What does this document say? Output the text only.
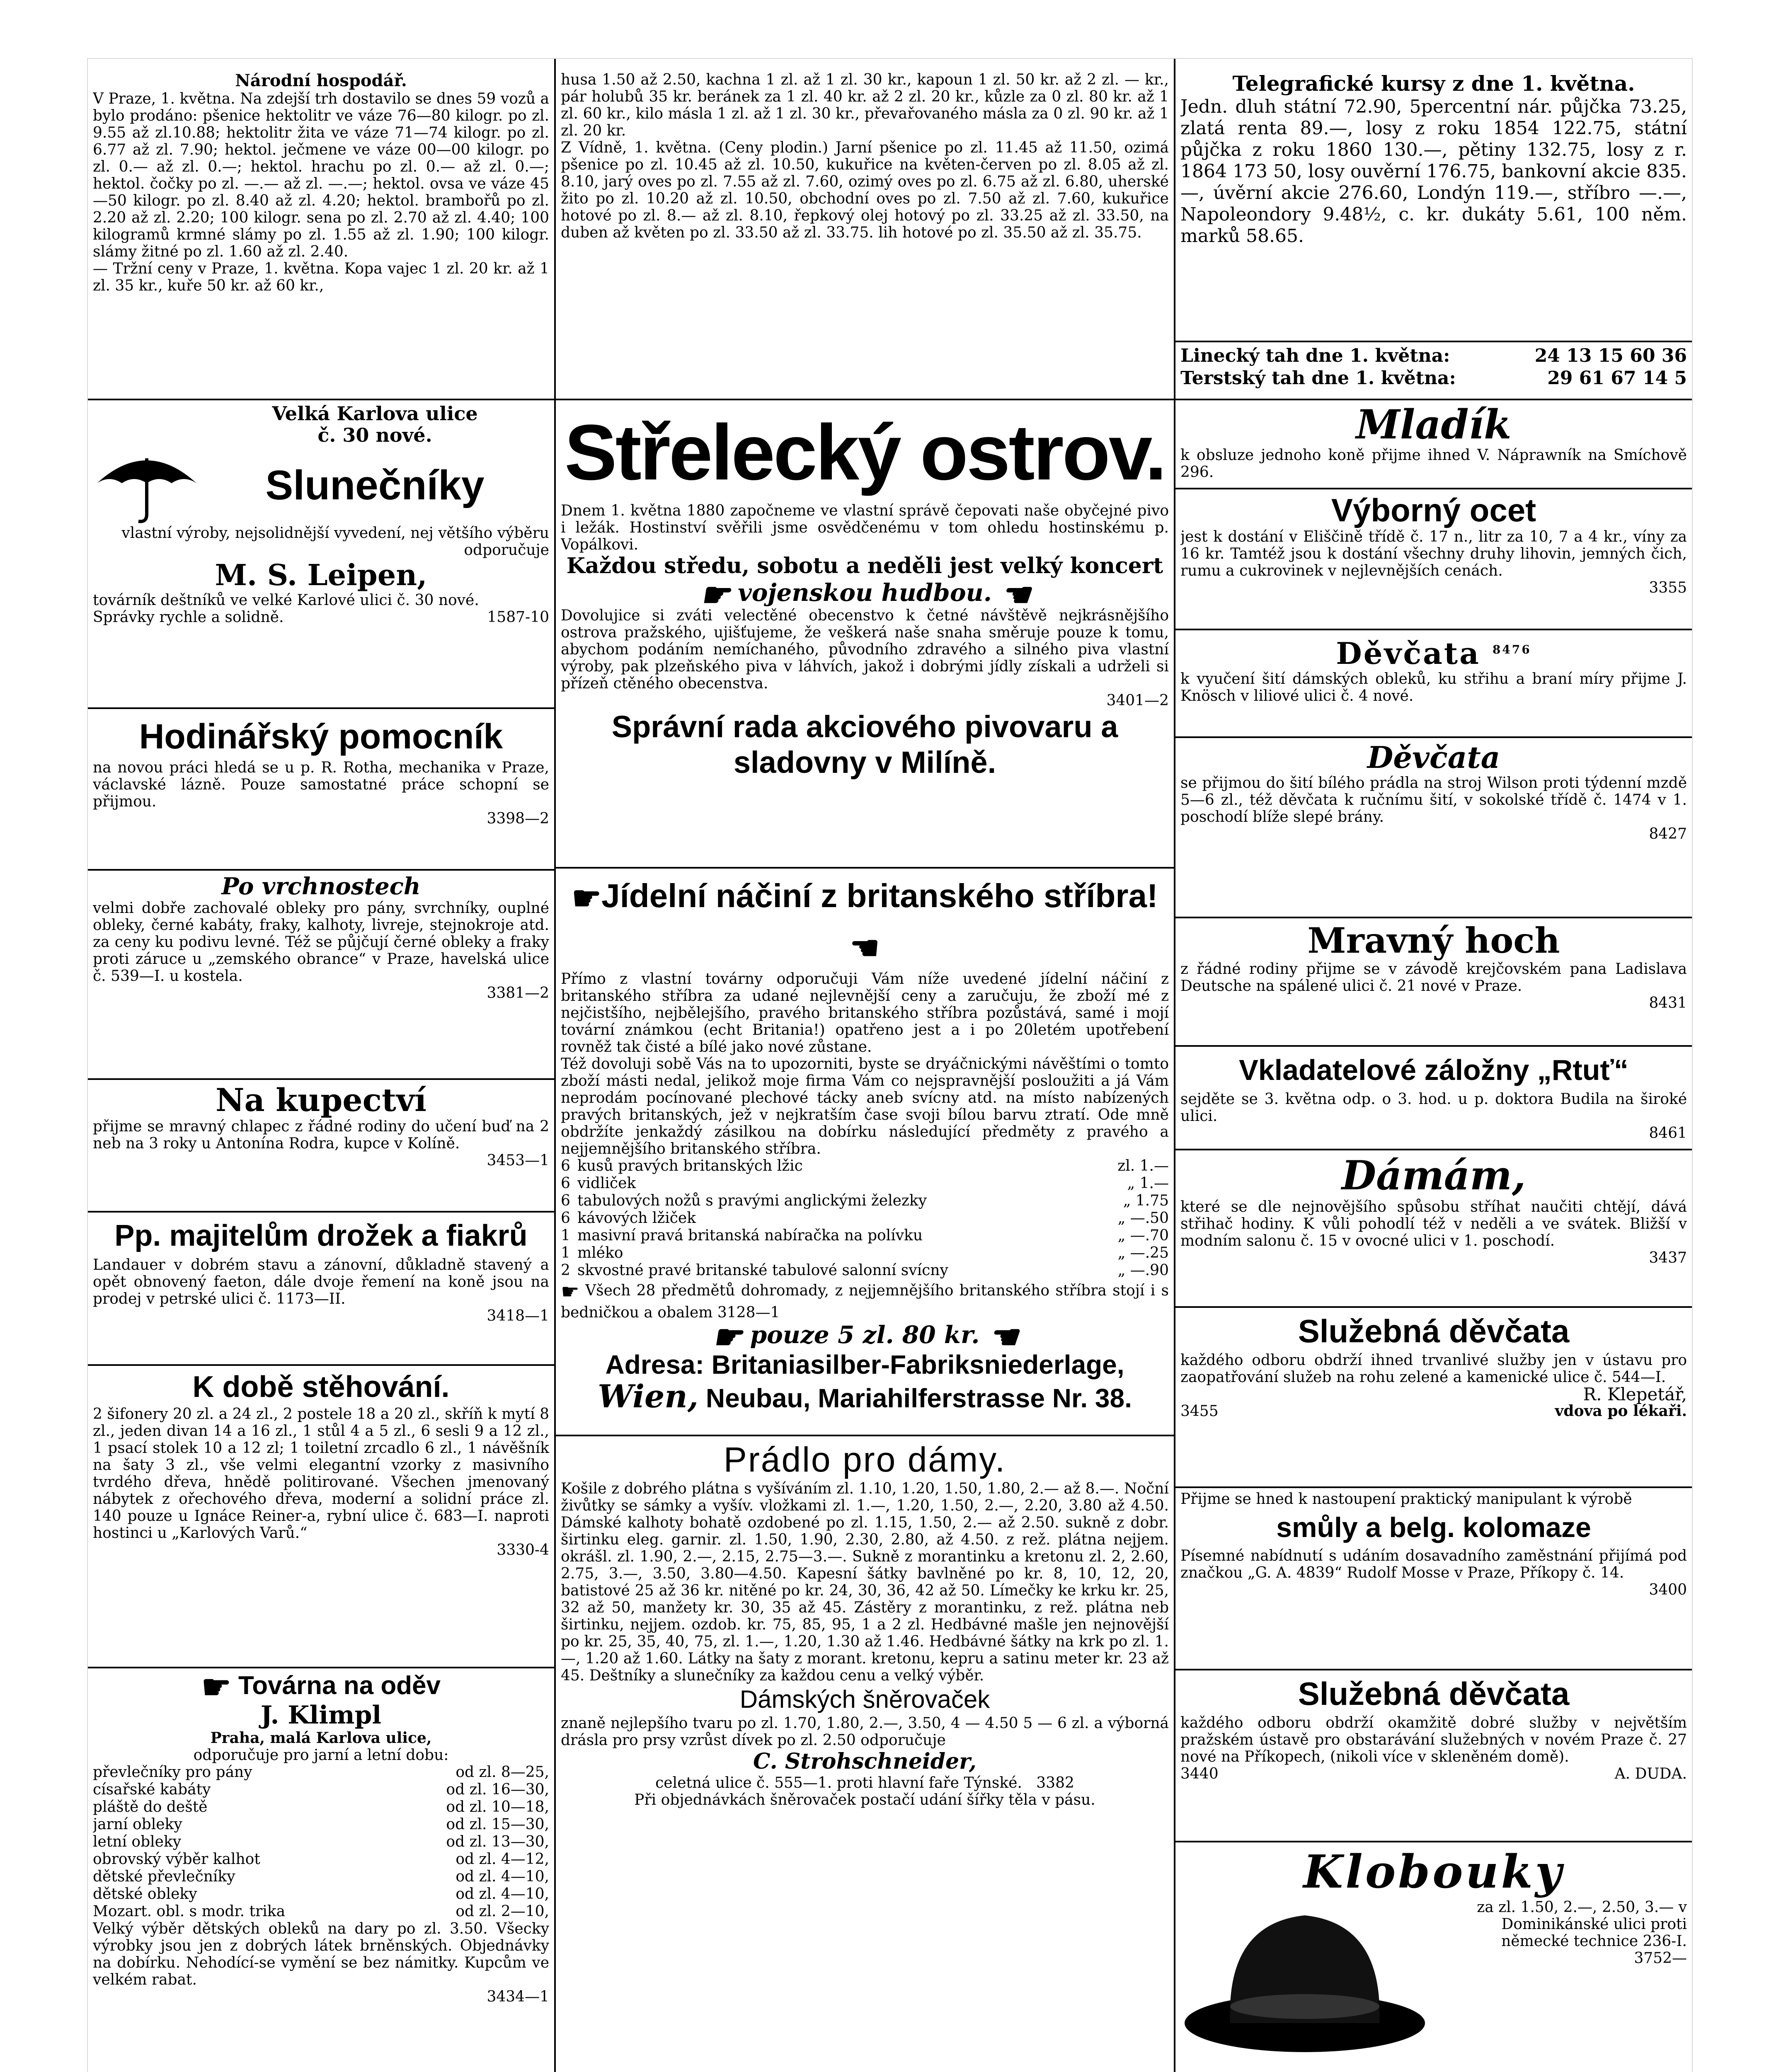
Národní hospodář.

V Praze, 1. května. Na zdejší trh dostavilo se dnes 59 vozů a bylo prodáno: pšenice hektolitr ve váze 76—80 kilogr. po zl. 9.55 až zl.10.88; hektolitr žita ve váze 71—74 kilogr. po zl. 6.77 až zl. 7.90; hektol. ječmene ve váze 00—00 kilogr. po zl. 0.— až zl. 0.—; hektol. hrachu po zl. 0.— až zl. 0.—; hektol. čočky po zl. —.— až zl. —.—; hektol. ovsa ve váze 45—50 kilogr. po zl. 8.40 až zl. 4.20; hektol. brambořů po zl. 2.20 až zl. 2.20; 100 kilogr. sena po zl. 2.70 až zl. 4.40; 100 kilogramů krmné slámy po zl. 1.55 až zl. 1.90; 100 kilogr. slámy žitné po zl. 1.60 až zl. 2.40.

— Tržní ceny v Praze, 1. května. Kopa vajec 1 zl. 20 kr. až 1 zl. 35 kr., kuře 50 kr. až 60 kr.,

Velká Karlova ulice

č. 30 nové.

Slunečníky

vlastní výroby, nejsolidnější vyvedení, nej většího výběru odporučuje

M. S. Leipen,

továrník deštníků ve velké Karlové ulici č. 30 nové.

Správky rychle a solidně.	1587-10

Hodinářský pomocník

na novou práci hledá se u p. R. Rotha, mechanika v Praze, václavské lázně. Pouze samostatné práce schopní se přijmou.

3398—2

Po vrchnostech

velmi dobře zachovalé obleky pro pány, svrchníky, ouplné obleky, černé kabáty, fraky, kalhoty, livreje, stejnokroje atd. za ceny ku podivu levné. Též se půjčují černé obleky a fraky proti záruce u „zemského obrance“ v Praze, havelská ulice č. 539—I. u kostela.

3381—2

Na kupectví

přijme se mravný chlapec z řádné rodiny do učení buď na 2 neb na 3 roky u Antonína Rodra, kupce v Kolíně.

3453—1

Pp. majitelům drožek a fiakrů

Landauer v dobrém stavu a zánovní, důkladně stavený a opět obnovený faeton, dále dvoje řemení na koně jsou na prodej v petrské ulici č. 1173—II.

3418—1

K době stěhování.

2 šifonery 20 zl. a 24 zl., 2 postele 18 a 20 zl., skříň k mytí 8 zl., jeden divan 14 a 16 zl., 1 stůl 4 a 5 zl., 6 sesli 9 a 12 zl., 1 psací stolek 10 a 12 zl; 1 toiletní zrcadlo 6 zl., 1 návěšník na šaty 3 zl., vše velmi elegantní vzorky z masivního tvrdého dřeva, hnědě politirované. Všechen jmenovaný nábytek z ořechového dřeva, moderní a solidní práce zl. 140 pouze u Ignáce Reiner-a, rybní ulice č. 683—I. naproti hostinci u „Karlových Varů.“

3330-4

☛ Továrna na oděv

J. Klimpl

Praha, malá Karlova ulice,

odporučuje pro jarní a letní dobu:

převlečníky pro pány	od zl. 8—25,
císařské kabáty	od zl. 16—30,
pláště do deště	od zl. 10—18,
jarní obleky	od zl. 15—30,
letní obleky	od zl. 13—30,
obrovský výběr kalhot	od zl. 4—12,
dětské převlečníky	od zl. 4—10,
dětské obleky	od zl. 4—10,
Mozart. obl. s modr. trika	od zl. 2—10,

Velký výběr dětských obleků na dary po zl. 3.50. Všecky výrobky jsou jen z dobrých látek brněnských. Objednávky na dobírku. Nehodící-se vymění se bez námitky. Kupcům ve velkém rabat.

3434—1

husa 1.50 až 2.50, kachna 1 zl. až 1 zl. 30 kr., kapoun 1 zl. 50 kr. až 2 zl. — kr., pár holubů 35 kr. beránek za 1 zl. 40 kr. až 2 zl. 20 kr., kůzle za 0 zl. 80 kr. až 1 zl. 60 kr., kilo másla 1 zl. až 1 zl. 30 kr., převařovaného másla za 0 zl. 90 kr. až 1 zl. 20 kr.

Z Vídně, 1. května. (Ceny plodin.) Jarní pšenice po zl. 11.45 až 11.50, ozimá pšenice po zl. 10.45 až zl. 10.50, kukuřice na květen-červen po zl. 8.05 až zl. 8.10, jarý oves po zl. 7.55 až zl. 7.60, ozimý oves po zl. 6.75 až zl. 6.80, uherské žito po zl. 10.20 až zl. 10.50, obchodní oves po zl. 7.50 až zl. 7.60, kukuřice hotové po zl. 8.— až zl. 8.10, řepkový olej hotový po zl. 33.25 až zl. 33.50, na duben až květen po zl. 33.50 až zl. 33.75. lih hotové po zl. 35.50 až zl. 35.75.

Střelecký ostrov.

Dnem 1. května 1880 započneme ve vlastní správě čepovati naše obyčejné pivo i ležák. Hostinství svěřili jsme osvědčenému v tom ohledu hostinskému p. Vopálkovi.

Každou středu, sobotu a neděli jest velký koncert

☛ vojenskou hudbou. ☚

Dovolujice si zváti velectěné obecenstvo k četné návštěvě nejkrásnějšího ostrova pražského, ujišťujeme, že veškerá naše snaha směruje pouze k tomu, abychom podáním nemíchaného, původního zdravého a silného piva vlastní výroby, pak plzeňského piva v láhvích, jakož i dobrými jídly získali a udrželi si přízeň ctěného obecenstva.

3401—2

Správní rada akciového pivovaru a sladovny v Milíně.

☛Jídelní náčiní z britanského stříbra!☚

Přímo z vlastní továrny odporučuji Vám níže uvedené jídelní náčiní z britanského stříbra za udané nejlevnější ceny a zaručuju, že zboží mé z nejčistšího, nejbělejšího, pravého britanského stříbra pozůstává, samé i mojí tovární známkou (echt Britania!) opatřeno jest a i po 20letém upotřebení rovněž tak čisté a bílé jako nové zůstane.

Též dovoluji sobě Vás na to upozorniti, byste se dryáčnickými návěštími o tomto zboží másti nedal, jelikož moje firma Vám co nejspravnější posloužiti a já Vám neprodám pocínované plechové tácky aneb svícny atd. na místo nabízených pravých britanských, jež v nejkratším čase svoji bílou barvu ztratí. Ode mně obdržíte jenkaždý zásilkou na dobírku následující předměty z pravého a nejjemnějšího britanského stříbra.

6 kusů pravých britanských lžic	zl. 1.—
6 vidliček	„ 1.—
6 tabulových nožů s pravými anglickými železky	„ 1.75
6 kávových lžiček	„ —.50
1 masivní pravá britanská nabíračka na polívku	„ —.70
1 mléko	„ —.25
2 skvostné pravé britanské tabulové salonní svícny	„ —.90

☛ Všech 28 předmětů dohromady, z nejjemnějšího britanského stříbra stojí i s bedničkou a obalem 3128—1

☛ pouze 5 zl. 80 kr. ☚

Adresa: Britaniasilber-Fabriksniederlage,

Wien, Neubau, Mariahilferstrasse Nr. 38.

Prádlo pro dámy.

Košile z dobrého plátna s vyšíváním zl. 1.10, 1.20, 1.50, 1.80, 2.— až 8.—. Noční živůtky se sámky a vyšív. vložkami zl. 1.—, 1.20, 1.50, 2.—, 2.20, 3.80 až 4.50. Dámské kalhoty bohatě ozdobené po zl. 1.15, 1.50, 2.— až 2.50. sukně z dobr. širtinku eleg. garnir. zl. 1.50, 1.90, 2.30, 2.80, až 4.50. z rež. plátna nejjem. okrášl. zl. 1.90, 2.—, 2.15, 2.75—3.—. Sukně z morantinku a kretonu zl. 2, 2.60, 2.75, 3.—, 3.50, 3.80—4.50. Kapesní šátky bavlněné po kr. 8, 10, 12, 20, batistové 25 až 36 kr. nitěné po kr. 24, 30, 36, 42 až 50. Límečky ke krku kr. 25, 32 až 50, manžety kr. 30, 35 až 45. Zástěry z morantinku, z rež. plátna neb širtinku, nejjem. ozdob. kr. 75, 85, 95, 1 a 2 zl. Hedbávné mašle jen nejnovější po kr. 25, 35, 40, 75, zl. 1.—, 1.20, 1.30 až 1.46. Hedbávné šátky na krk po zl. 1.—, 1.20 až 1.60. Látky na šaty z morant. kretonu, kepru a satinu meter kr. 23 až 45. Deštníky a slunečníky za každou cenu a velký výběr.

Dámských šněrovaček

znaně nejlepšího tvaru po zl. 1.70, 1.80, 2.—, 3.50, 4 — 4.50 5 — 6 zl. a výborná drásla pro prsy vzrůst dívek po zl. 2.50 odporučuje

C. Strohschneider,

celetná ulice č. 555—1. proti hlavní faře Týnské. 3382

Při objednávkách šněrovaček postačí udání šířky těla v pásu.

Telegrafické kursy z dne 1. května.

Jedn. dluh státní 72.90, 5percentní nár. půjčka 73.25, zlatá renta 89.—, losy z roku 1854 122.75, státní půjčka z roku 1860 130.—, pětiny 132.75, losy z r. 1864 173 50, losy ouvěrní 176.75, bankovní akcie 835.—, úvěrní akcie 276.60, Londýn 119.—, stříbro —.—, Napoleondory 9.48½, c. kr. dukáty 5.61, 100 něm. marků 58.65.

Linecký tah dne 1. května:	24 13 15 60 36
Terstský tah dne 1. května:	29 61 67 14 5

Mladík

k obsluze jednoho koně přijme ihned V. Náprawník na Smíchově 296.

Výborný ocet

jest k dostání v Eliščině třídě č. 17 n., litr za 10, 7 a 4 kr., víny za 16 kr. Tamtéž jsou k dostání všechny druhy lihovin, jemných čich, rumu a cukrovinek v nejlevnějších cenách.

3355

Děvčata $^{8476}$

k vyučení šití dámských obleků, ku střihu a braní míry přijme J. Knösch v liliové ulici č. 4 nové.

Děvčata

se přijmou do šití bílého prádla na stroj Wilson proti týdenní mzdě 5—6 zl., též děvčata k ručnímu šití, v sokolské třídě č. 1474 v 1. poschodí blíže slepé brány.

8427

Mravný hoch

z řádné rodiny přijme se v závodě krejčovském pana Ladislava Deutsche na spálené ulici č. 21 nové v Praze.

8431

Vkladatelové záložny „Rtuť“

sejděte se 3. května odp. o 3. hod. u p. doktora Budila na široké ulici.

8461

Dámám,

které se dle nejnovějšího spůsobu stříhat naučiti chtějí, dává střihač hodiny. K vůli pohodlí též v neděli a ve svátek. Bližší v modním salonu č. 15 v ovocné ulici v 1. poschodí.

3437

Služebná děvčata

každého odboru obdrží ihned trvanlivé služby jen v ústavu pro zaopatřování služeb na rohu zelené a kamenické ulice č. 544—I.

R. Klepetář,

3455	vdova po lékaři.

Přijme se hned k nastoupení praktický manipulant k výrobě

smůly a belg. kolomaze

Písemné nabídnutí s udáním dosavadního zaměstnání přijímá pod značkou „G. A. 4839“ Rudolf Mosse v Praze, Příkopy č. 14.

3400

Služebná děvčata

každého odboru obdrží okamžitě dobré služby v největším pražském ústavě pro obstarávání služebných v novém Praze č. 27 nové na Příkopech, (nikoli více v skleněném domě).

3440	A. DUDA.

Klobouky

za zl. 1.50, 2.—, 2.50, 3.— v Dominikánské ulici proti německé technice 236-I.

3752—
